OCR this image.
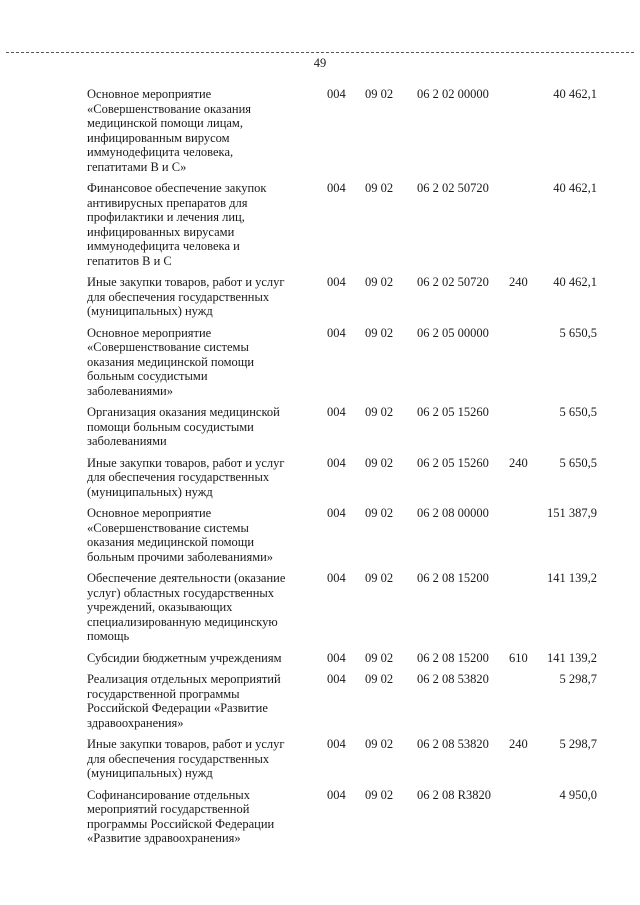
49
Основное мероприятие «Совершенствование оказания медицинской помощи лицам, инфицированным вирусом иммунодефицита человека, гепатитами В и С»	004	09 02	06 2 02 00000		40 462,1
Финансовое обеспечение закупок антивирусных препаратов для профилактики и лечения лиц, инфицированных вирусами иммунодефицита человека и гепатитов В и С	004	09 02	06 2 02 50720		40 462,1
Иные закупки товаров, работ и услуг для обеспечения государственных (муниципальных) нужд	004	09 02	06 2 02 50720	240	40 462,1
Основное мероприятие «Совершенствование системы оказания медицинской помощи больным сосудистыми заболеваниями»	004	09 02	06 2 05 00000		5 650,5
Организация оказания медицинской помощи больным сосудистыми заболеваниями	004	09 02	06 2 05 15260		5 650,5
Иные закупки товаров, работ и услуг для обеспечения государственных (муниципальных) нужд	004	09 02	06 2 05 15260	240	5 650,5
Основное мероприятие «Совершенствование системы оказания медицинской помощи больным прочими заболеваниями»	004	09 02	06 2 08 00000		151 387,9
Обеспечение деятельности (оказание услуг) областных государственных учреждений, оказывающих специализированную медицинскую помощь	004	09 02	06 2 08 15200		141 139,2
Субсидии бюджетным учреждениям	004	09 02	06 2 08 15200	610	141 139,2
Реализация отдельных мероприятий государственной программы Российской Федерации «Развитие здравоохранения»	004	09 02	06 2 08 53820		5 298,7
Иные закупки товаров, работ и услуг для обеспечения государственных (муниципальных) нужд	004	09 02	06 2 08 53820	240	5 298,7
Софинансирование отдельных мероприятий государственной программы Российской Федерации «Развитие здравоохранения»	004	09 02	06 2 08 R3820		4 950,0
